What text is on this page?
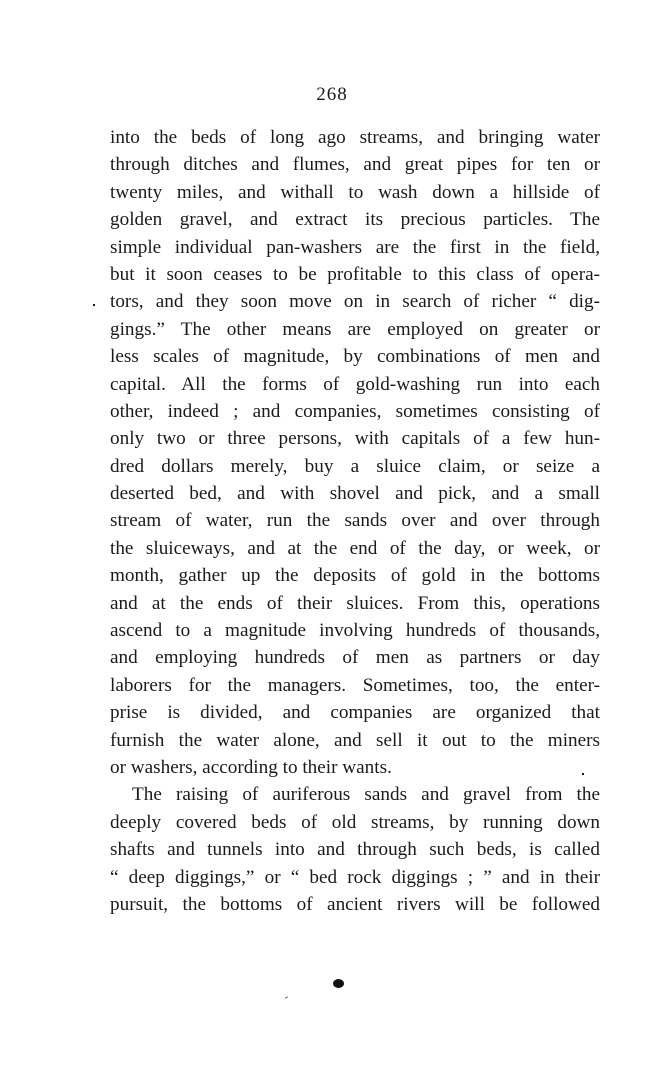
268
into the beds of long ago streams, and bringing water
through ditches and flumes, and great pipes for ten or
twenty miles, and withall to wash down a hillside of
golden gravel, and extract its precious particles. The
simple individual pan-washers are the first in the field,
but it soon ceases to be profitable to this class of opera-
tors, and they soon move on in search of richer “ dig-
gings.” The other means are employed on greater or
less scales of magnitude, by combinations of men and
capital. All the forms of gold-washing run into each
other, indeed ; and companies, sometimes consisting of
only two or three persons, with capitals of a few hun-
dred dollars merely, buy a sluice claim, or seize a
deserted bed, and with shovel and pick, and a small
stream of water, run the sands over and over through
the sluiceways, and at the end of the day, or week, or
month, gather up the deposits of gold in the bottoms
and at the ends of their sluices. From this, operations
ascend to a magnitude involving hundreds of thousands,
and employing hundreds of men as partners or day
laborers for the managers. Sometimes, too, the enter-
prise is divided, and companies are organized that
furnish the water alone, and sell it out to the miners
or washers, according to their wants.
The raising of auriferous sands and gravel from the
deeply covered beds of old streams, by running down
shafts and tunnels into and through such beds, is called
“ deep diggings,” or “ bed rock diggings ; ” and in their
pursuit, the bottoms of ancient rivers will be followed
